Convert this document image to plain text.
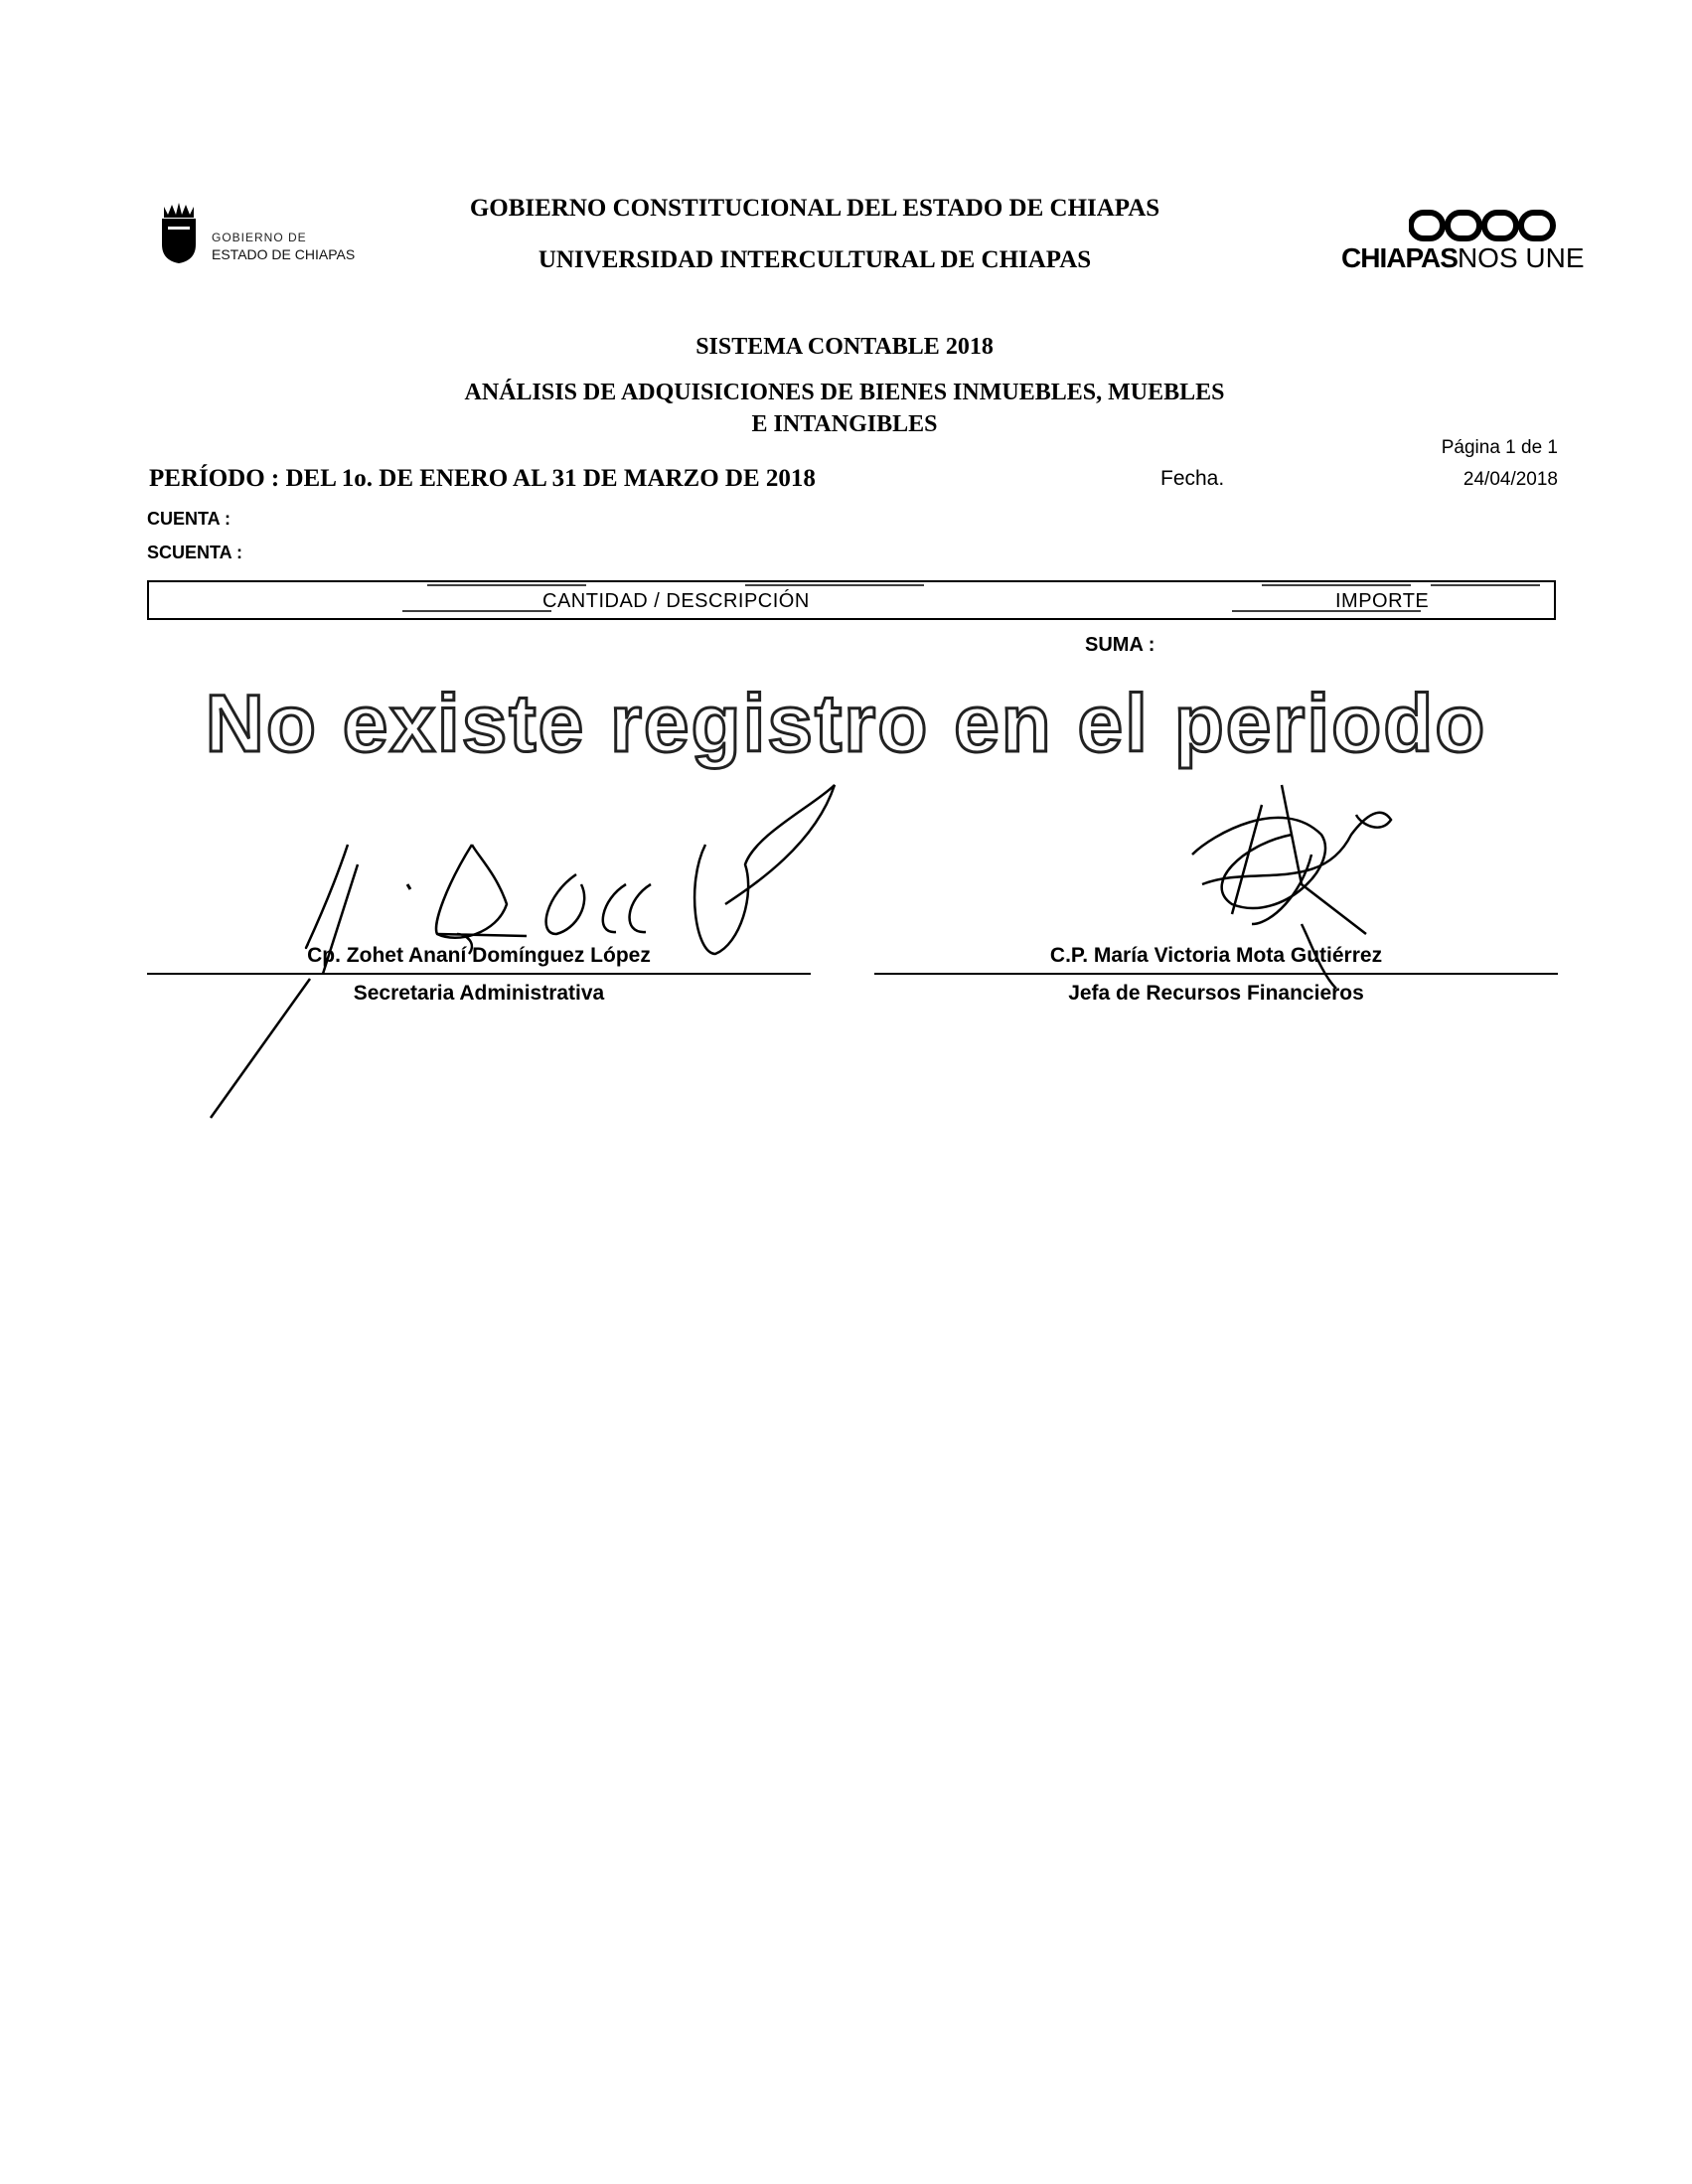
GOBIERNO DE
ESTADO DE CHIAPAS
GOBIERNO CONSTITUCIONAL DEL ESTADO DE CHIAPAS
UNIVERSIDAD INTERCULTURAL DE CHIAPAS	CHIAPASNOS UNE
SISTEMA CONTABLE 2018
ANÁLISIS DE ADQUISICIONES DE BIENES INMUEBLES, MUEBLES
E INTANGIBLES
Página 1 de 1
PERÍODO : DEL 1o. DE ENERO AL 31 DE MARZO DE 2018	Fecha.	24/04/2018
CUENTA :
SCUENTA :
CANTIDAD / DESCRIPCIÓN	IMPORTE
SUMA :
No existe registro en el periodo
Cp. Zohet Ananí Domínguez López
Secretaria Administrativa
C.P. María Victoria Mota Gutiérrez
Jefa de Recursos Financieros
